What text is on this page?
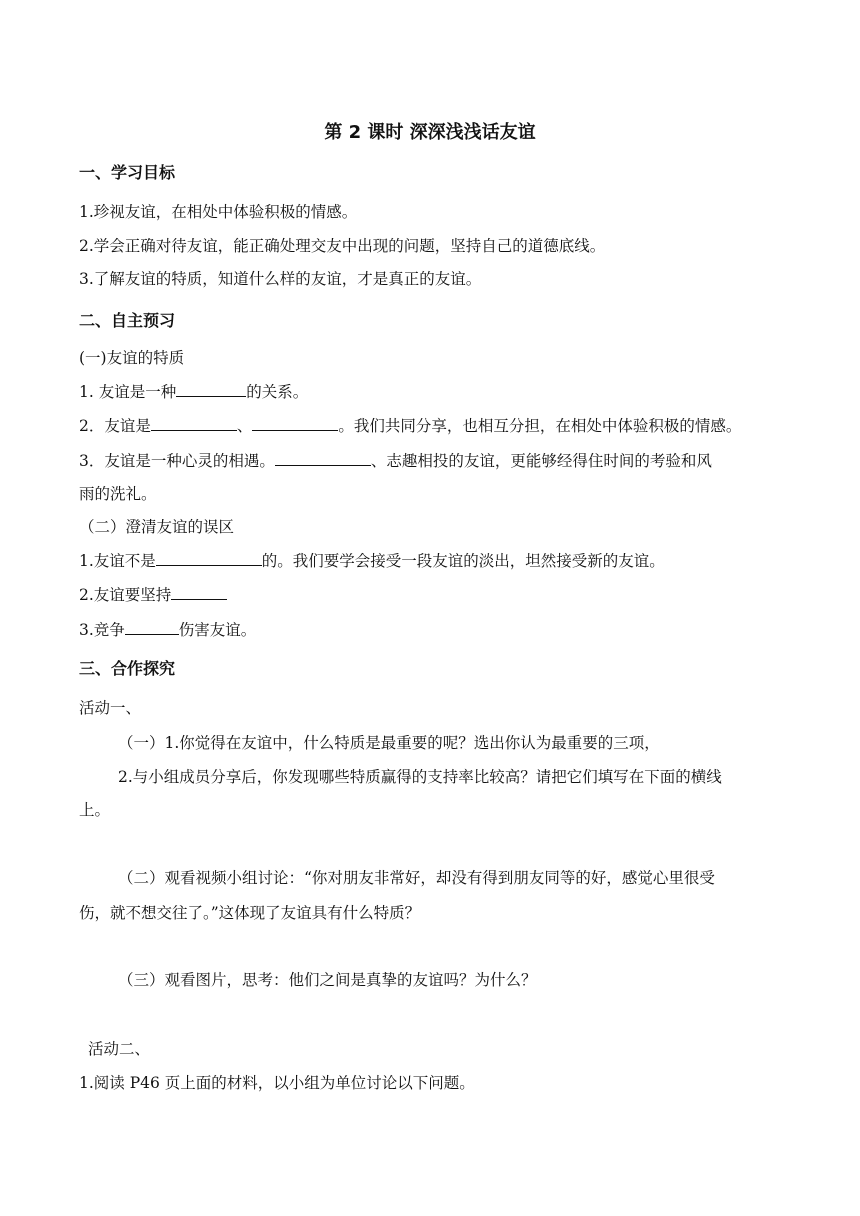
第 2 课时 深深浅浅话友谊
一、学习目标
1.珍视友谊，在相处中体验积极的情感。
2.学会正确对待友谊，能正确处理交友中出现的问题，坚持自己的道德底线。
3.了解友谊的特质，知道什么样的友谊，才是真正的友谊。
二、自主预习
(一)友谊的特质
1. 友谊是一种	的关系。
2．友谊是	、	。我们共同分享，也相互分担，在相处中体验积极的情感。
3．友谊是一种心灵的相遇。	、志趣相投的友谊，更能够经得住时间的考验和风
雨的洗礼。
（二）澄清友谊的误区
1.友谊不是	的。我们要学会接受一段友谊的淡出，坦然接受新的友谊。
2.友谊要坚持
3.竞争	伤害友谊。
三、合作探究
活动一、
（一）1.你觉得在友谊中，什么特质是最重要的呢？选出你认为最重要的三项，
2.与小组成员分享后，你发现哪些特质赢得的支持率比较高？请把它们填写在下面的横线
上。
（二）观看视频小组讨论：“你对朋友非常好，却没有得到朋友同等的好，感觉心里很受
伤，就不想交往了。”这体现了友谊具有什么特质？
（三）观看图片，思考：他们之间是真挚的友谊吗？为什么？
活动二、
1.阅读 P46 页上面的材料，以小组为单位讨论以下问题。
